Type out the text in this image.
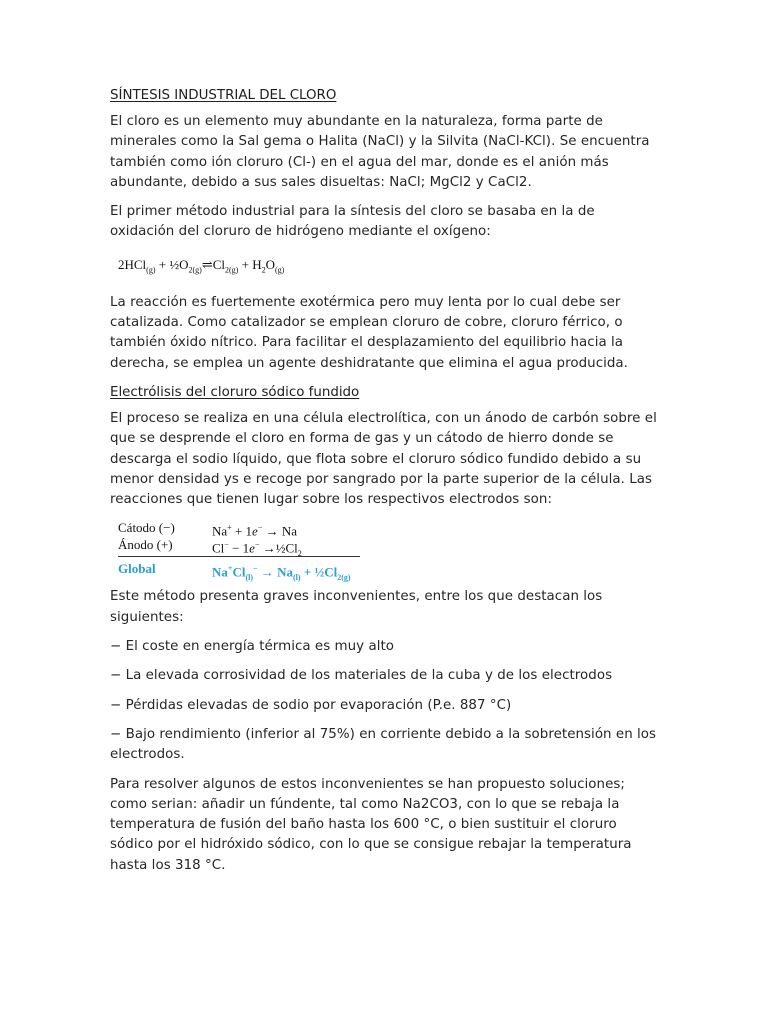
SÍNTESIS INDUSTRIAL DEL CLORO

El cloro es un elemento muy abundante en la naturaleza, forma parte de minerales como la Sal gema o Halita (NaCl) y la Silvita (NaCl-KCl). Se encuentra también como ión cloruro (Cl-) en el agua del mar, donde es el anión más abundante, debido a sus sales disueltas: NaCl; MgCl2 y CaCl2.

El primer método industrial para la síntesis del cloro se basaba en la de oxidación del cloruro de hidrógeno mediante el oxígeno:

$2HCl_{(g)} + \frac{1}{2}O_{2(g)}\rightleftharpoons Cl_{2(g)} + H_2O_{(g)}$

La reacción es fuertemente exotérmica pero muy lenta por lo cual debe ser catalizada. Como catalizador se emplean cloruro de cobre, cloruro férrico, o también óxido nítrico. Para facilitar el desplazamiento del equilibrio hacia la derecha, se emplea un agente deshidratante que elimina el agua producida.

Electrólisis del cloruro sódico fundido

El proceso se realiza en una célula electrolítica, con un ánodo de carbón sobre el que se desprende el cloro en forma de gas y un cátodo de hierro donde se descarga el sodio líquido, que flota sobre el cloruro sódico fundido debido a su menor densidad ys e recoge por sangrado por la parte superior de la célula. Las reacciones que tienen lugar sobre los respectivos electrodos son:

Cátodo (−)	Na+ + 1e− → Na
Ánodo (+)	$Cl^- - 1e^- \to\frac{1}{2}Cl_2$
Global	$Na^+Cl_{(l)}^- \to Na_{(l)}$ + $\frac{1}{2}Cl_{2(g)}$

Este método presenta graves inconvenientes, entre los que destacan los siguientes:

− El coste en energía térmica es muy alto

− La elevada corrosividad de los materiales de la cuba y de los electrodos

− Pérdidas elevadas de sodio por evaporación (P.e. 887 °C)

− Bajo rendimiento (inferior al 75%) en corriente debido a la sobretensión en los electrodos.

Para resolver algunos de estos inconvenientes se han propuesto soluciones; como serian: añadir un fúndente, tal como Na2CO3, con lo que se rebaja la temperatura de fusión del baño hasta los 600 °C, o bien sustituir el cloruro sódico por el hidróxido sódico, con lo que se consigue rebajar la temperatura hasta los 318 °C.
